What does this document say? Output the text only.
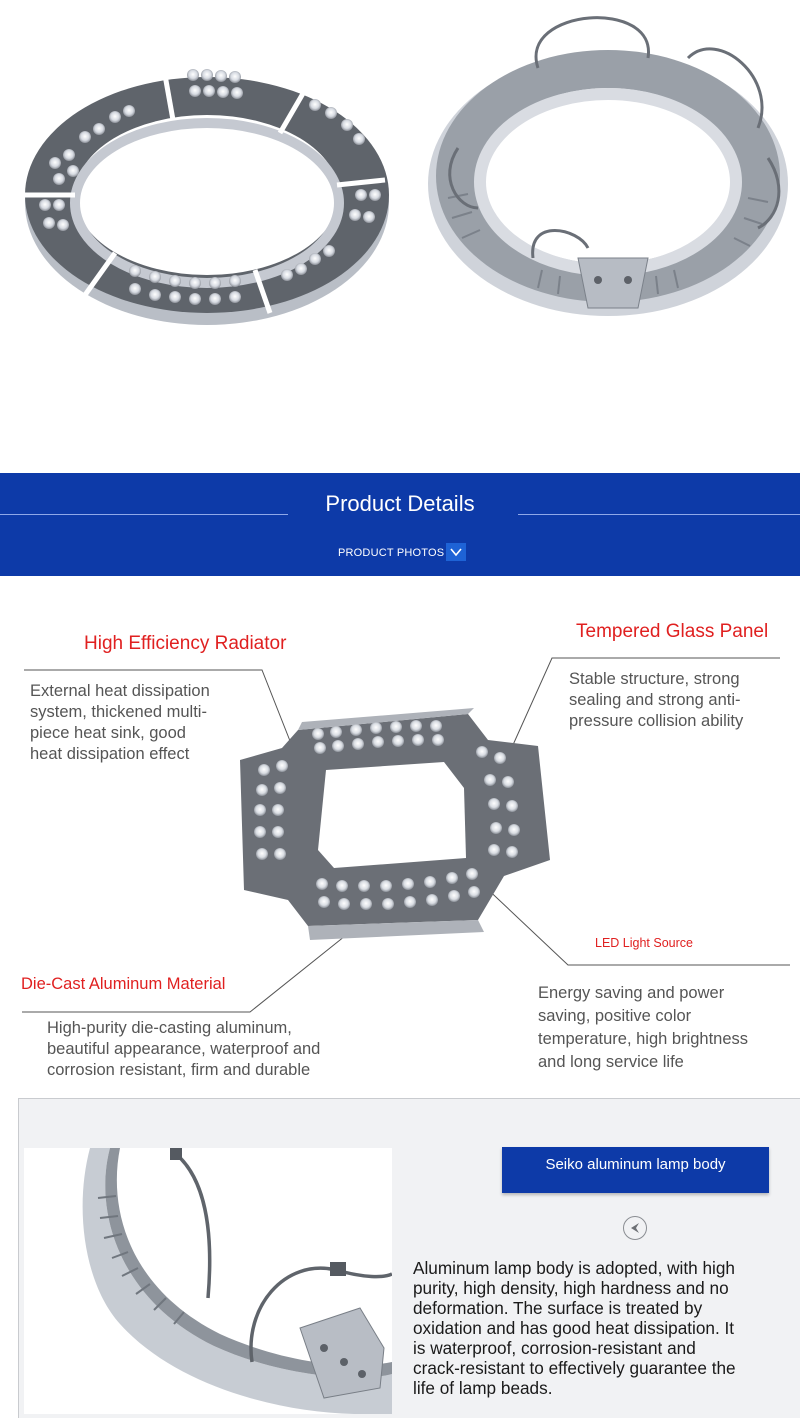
Product Details
PRODUCT PHOTOS
High Efficiency Radiator
External heat dissipation
system, thickened multi-
piece heat sink, good
heat dissipation effect
Tempered Glass Panel
Stable structure, strong
sealing and strong anti-
pressure collision ability
LED Light Source
Die-Cast Aluminum Material
High-purity die-casting aluminum,
beautiful appearance, waterproof and
corrosion resistant, firm and durable
Energy saving and power
saving, positive color
temperature, high brightness
and long service life
Seiko aluminum lamp body
Aluminum lamp body is adopted, with high
purity, high density, high hardness and no
deformation. The surface is treated by
oxidation and has good heat dissipation. It
is waterproof, corrosion-resistant and
crack-resistant to effectively guarantee the
life of lamp beads.
